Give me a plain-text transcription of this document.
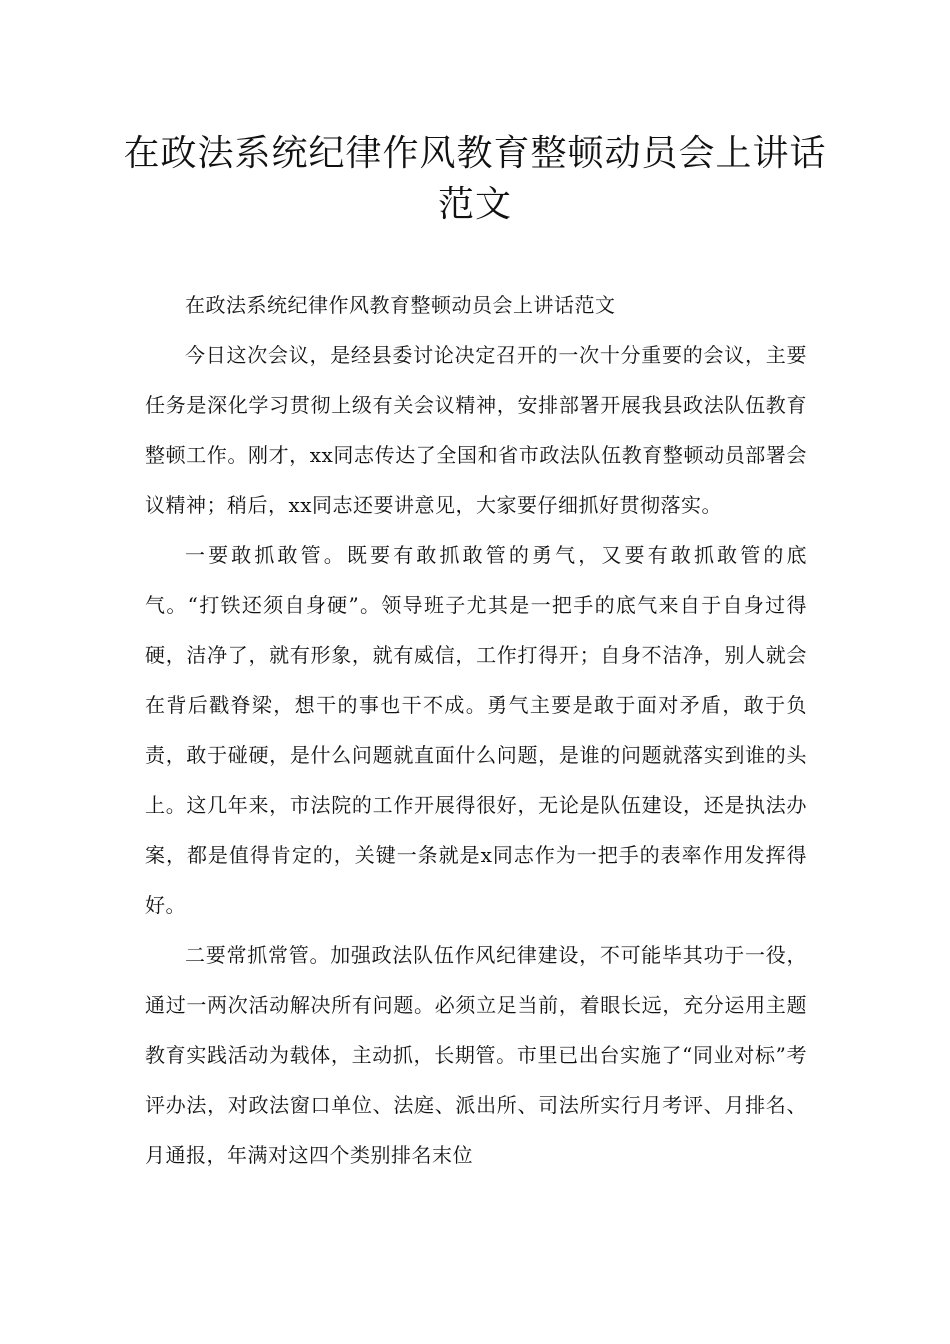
在政法系统纪律作风教育整顿动员会上讲话范文

在政法系统纪律作风教育整顿动员会上讲话范文

今日这次会议，是经县委讨论决定召开的一次十分重要的会议，主要任务是深化学习贯彻上级有关会议精神，安排部署开展我县政法队伍教育整顿工作。刚才，xx同志传达了全国和省市政法队伍教育整顿动员部署会议精神；稍后，xx同志还要讲意见，大家要仔细抓好贯彻落实。

一要敢抓敢管。既要有敢抓敢管的勇气，又要有敢抓敢管的底气。“打铁还须自身硬”。领导班子尤其是一把手的底气来自于自身过得硬，洁净了，就有形象，就有威信，工作打得开；自身不洁净，别人就会在背后戳脊梁，想干的事也干不成。勇气主要是敢于面对矛盾，敢于负责，敢于碰硬，是什么问题就直面什么问题，是谁的问题就落实到谁的头上。这几年来，市法院的工作开展得很好，无论是队伍建设，还是执法办案，都是值得肯定的，关键一条就是x同志作为一把手的表率作用发挥得好。

二要常抓常管。加强政法队伍作风纪律建设，不可能毕其功于一役，通过一两次活动解决所有问题。必须立足当前，着眼长远，充分运用主题教育实践活动为载体，主动抓，长期管。市里已出台实施了“同业对标”考评办法，对政法窗口单位、法庭、派出所、司法所实行月考评、月排名、月通报，年满对这四个类别排名末位
